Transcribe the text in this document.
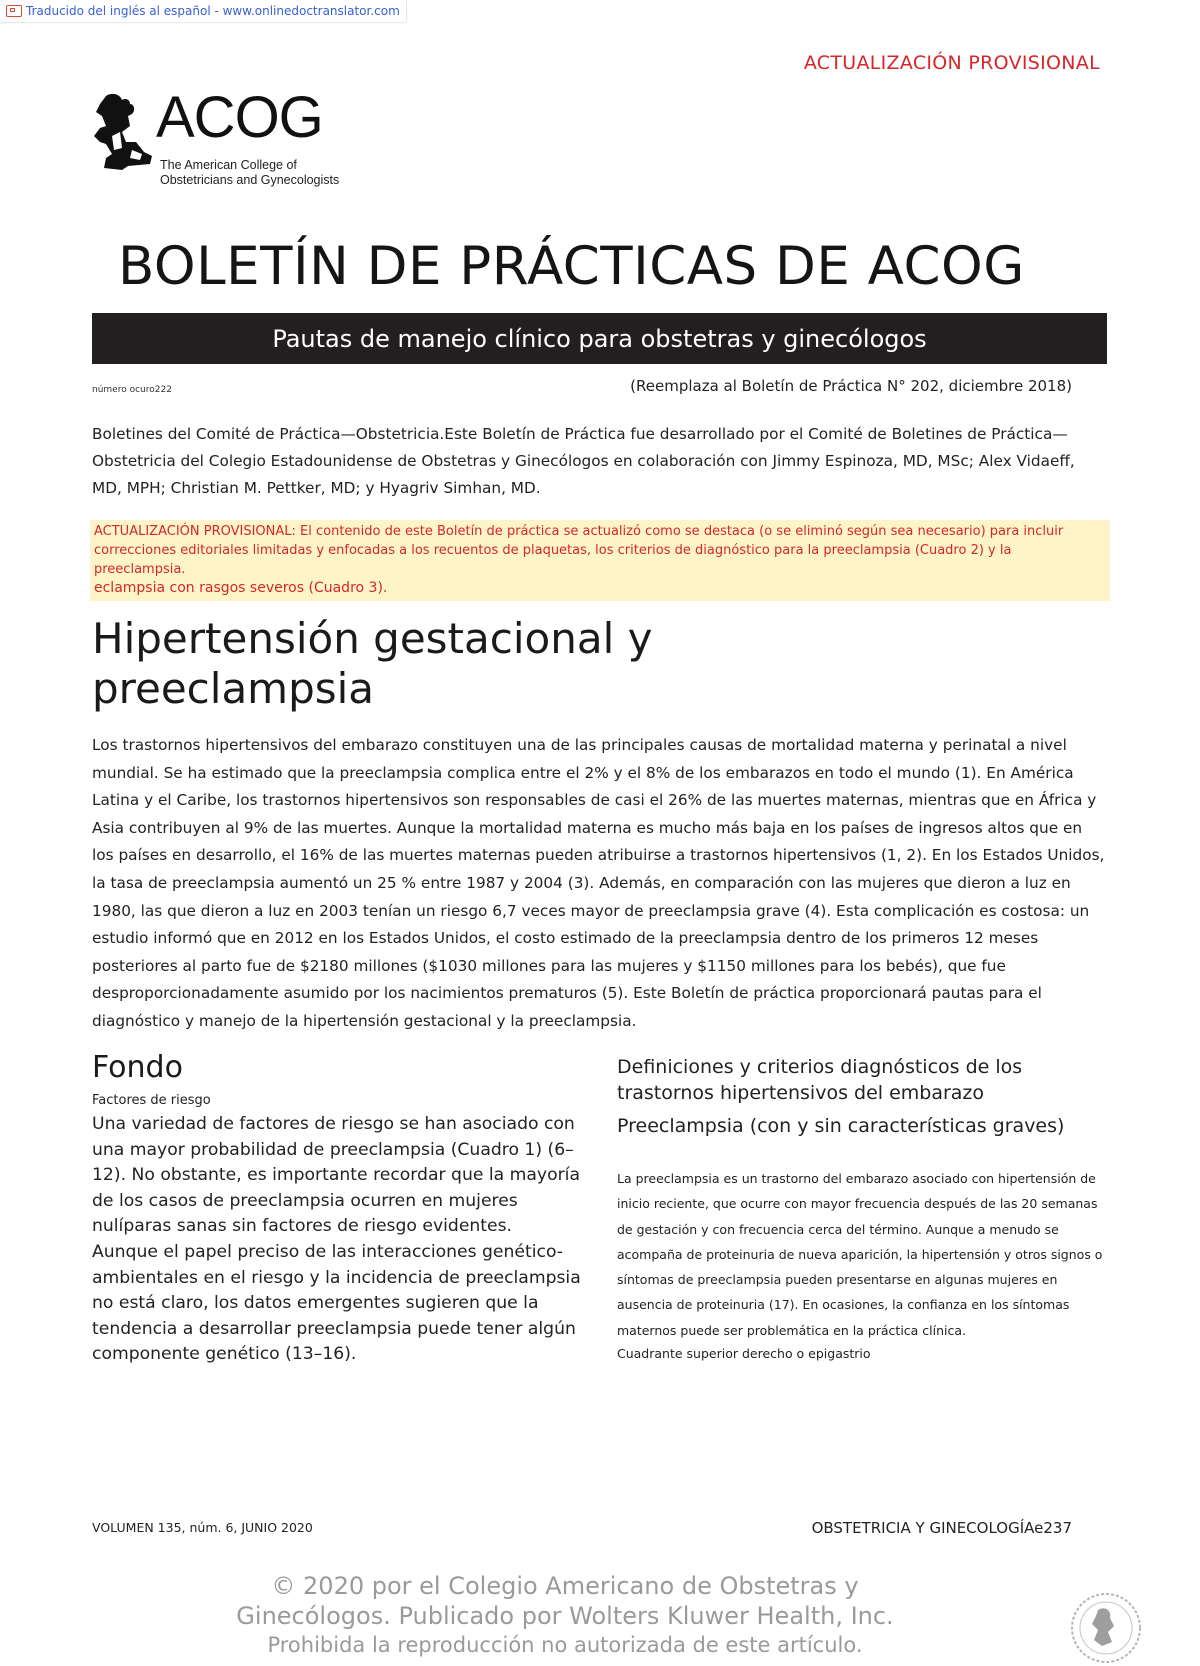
Traducido del inglés al español - www.onlinedoctranslator.com
ACTUALIZACIÓN PROVISIONAL
ACOG
The American College of
Obstetricians and Gynecologists
BOLETÍN DE PRÁCTICAS DE ACOG
Pautas de manejo clínico para obstetras y ginecólogos
número ocuro222	(Reemplaza al Boletín de Práctica N° 202, diciembre 2018)

Boletines del Comité de Práctica—Obstetricia.Este Boletín de Práctica fue desarrollado por el Comité de Boletines de Práctica—Obstetricia del Colegio Estadounidense de Obstetras y Ginecólogos en colaboración con Jimmy Espinoza, MD, MSc; Alex Vidaeff, MD, MPH; Christian M. Pettker, MD; y Hyagriv Simhan, MD.

ACTUALIZACIÓN PROVISIONAL: El contenido de este Boletín de práctica se actualizó como se destaca (o se eliminó según sea necesario) para incluir
correcciones editoriales limitadas y enfocadas a los recuentos de plaquetas, los criterios de diagnóstico para la preeclampsia (Cuadro 2) y la preeclampsia.
eclampsia con rasgos severos (Cuadro 3).
Hipertensión gestacional y preeclampsia

Los trastornos hipertensivos del embarazo constituyen una de las principales causas de mortalidad materna y perinatal a nivel mundial. Se ha estimado que la preeclampsia complica entre el 2% y el 8% de los embarazos en todo el mundo (1). En América Latina y el Caribe, los trastornos hipertensivos son responsables de casi el 26% de las muertes maternas, mientras que en África y Asia contribuyen al 9% de las muertes. Aunque la mortalidad materna es mucho más baja en los países de ingresos altos que en los países en desarrollo, el 16% de las muertes maternas pueden atribuirse a trastornos hipertensivos (1, 2). En los Estados Unidos, la tasa de preeclampsia aumentó un 25 % entre 1987 y 2004 (3). Además, en comparación con las mujeres que dieron a luz en 1980, las que dieron a luz en 2003 tenían un riesgo 6,7 veces mayor de preeclampsia grave (4). Esta complicación es costosa: un estudio informó que en 2012 en los Estados Unidos, el costo estimado de la preeclampsia dentro de los primeros 12 meses posteriores al parto fue de $2180 millones ($1030 millones para las mujeres y $1150 millones para los bebés), que fue desproporcionadamente asumido por los nacimientos prematuros (5). Este Boletín de práctica proporcionará pautas para el diagnóstico y manejo de la hipertensión gestacional y la preeclampsia.

Fondo
Factores de riesgo

Una variedad de factores de riesgo se han asociado con una mayor probabilidad de preeclampsia (Cuadro 1) (6–12). No obstante, es importante recordar que la mayoría de los casos de preeclampsia ocurren en mujeres nulíparas sanas sin factores de riesgo evidentes. Aunque el papel preciso de las interacciones genético-ambientales en el riesgo y la incidencia de preeclampsia no está claro, los datos emergentes sugieren que la tendencia a desarrollar preeclampsia puede tener algún componente genético (13–16).

Definiciones y criterios diagnósticos de los trastornos hipertensivos del embarazo
Preeclampsia (con y sin características graves)

La preeclampsia es un trastorno del embarazo asociado con hipertensión de inicio reciente, que ocurre con mayor frecuencia después de las 20 semanas de gestación y con frecuencia cerca del término. Aunque a menudo se acompaña de proteinuria de nueva aparición, la hipertensión y otros signos o síntomas de preeclampsia pueden presentarse en algunas mujeres en ausencia de proteinuria (17). En ocasiones, la confianza en los síntomas maternos puede ser problemática en la práctica clínica.

Cuadrante superior derecho o epigastrio

VOLUMEN 135, núm. 6, JUNIO 2020	OBSTETRICIA Y GINECOLOGÍAe237
© 2020 por el Colegio Americano de Obstetras y
Ginecólogos. Publicado por Wolters Kluwer Health, Inc.
Prohibida la reproducción no autorizada de este artículo.
